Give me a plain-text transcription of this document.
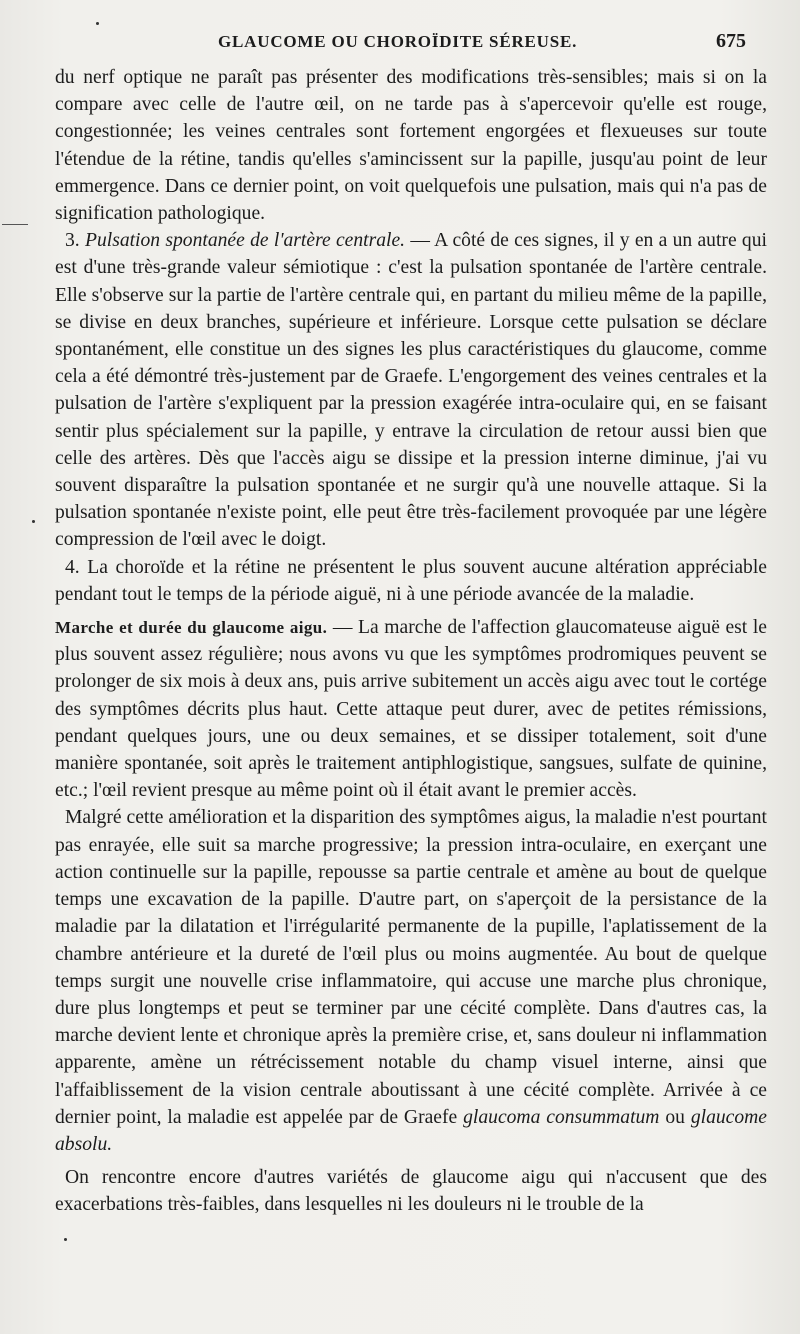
GLAUCOME OU CHOROÏDITE SÉREUSE.	675

du nerf optique ne paraît pas présenter des modifications très-sensibles; mais si on la compare avec celle de l'autre œil, on ne tarde pas à s'apercevoir qu'elle est rouge, congestionnée; les veines centrales sont fortement engorgées et flexueuses sur toute l'étendue de la rétine, tandis qu'elles s'amincissent sur la papille, jusqu'au point de leur emmergence. Dans ce dernier point, on voit quelquefois une pulsation, mais qui n'a pas de signification pathologique.

3. Pulsation spontanée de l'artère centrale. — A côté de ces signes, il y en a un autre qui est d'une très-grande valeur sémiotique : c'est la pulsation spontanée de l'artère centrale. Elle s'observe sur la partie de l'artère centrale qui, en partant du milieu même de la papille, se divise en deux branches, supérieure et inférieure. Lorsque cette pulsation se déclare spontanément, elle constitue un des signes les plus caractéristiques du glaucome, comme cela a été démontré très-justement par de Graefe. L'engorgement des veines centrales et la pulsation de l'artère s'expliquent par la pression exagérée intra-oculaire qui, en se faisant sentir plus spécialement sur la papille, y entrave la circulation de retour aussi bien que celle des artères. Dès que l'accès aigu se dissipe et la pression interne diminue, j'ai vu souvent disparaître la pulsation spontanée et ne surgir qu'à une nouvelle attaque. Si la pulsation spontanée n'existe point, elle peut être très-facilement provoquée par une légère compression de l'œil avec le doigt.

4. La choroïde et la rétine ne présentent le plus souvent aucune altération appréciable pendant tout le temps de la période aiguë, ni à une période avancée de la maladie.

Marche et durée du glaucome aigu. — La marche de l'affection glaucomateuse aiguë est le plus souvent assez régulière; nous avons vu que les symptômes prodromiques peuvent se prolonger de six mois à deux ans, puis arrive subitement un accès aigu avec tout le cortége des symptômes décrits plus haut. Cette attaque peut durer, avec de petites rémissions, pendant quelques jours, une ou deux semaines, et se dissiper totalement, soit d'une manière spontanée, soit après le traitement antiphlogistique, sangsues, sulfate de quinine, etc.; l'œil revient presque au même point où il était avant le premier accès.

Malgré cette amélioration et la disparition des symptômes aigus, la maladie n'est pourtant pas enrayée, elle suit sa marche progressive; la pression intra-oculaire, en exerçant une action continuelle sur la papille, repousse sa partie centrale et amène au bout de quelque temps une excavation de la papille. D'autre part, on s'aperçoit de la persistance de la maladie par la dilatation et l'irrégularité permanente de la pupille, l'aplatissement de la chambre antérieure et la dureté de l'œil plus ou moins augmentée. Au bout de quelque temps surgit une nouvelle crise inflammatoire, qui accuse une marche plus chronique, dure plus longtemps et peut se terminer par une cécité complète. Dans d'autres cas, la marche devient lente et chronique après la première crise, et, sans douleur ni inflammation apparente, amène un rétrécissement notable du champ visuel interne, ainsi que l'affaiblissement de la vision centrale aboutissant à une cécité complète. Arrivée à ce dernier point, la maladie est appelée par de Graefe glaucoma consummatum ou glaucome absolu.

On rencontre encore d'autres variétés de glaucome aigu qui n'accusent que des exacerbations très-faibles, dans lesquelles ni les douleurs ni le trouble de la
